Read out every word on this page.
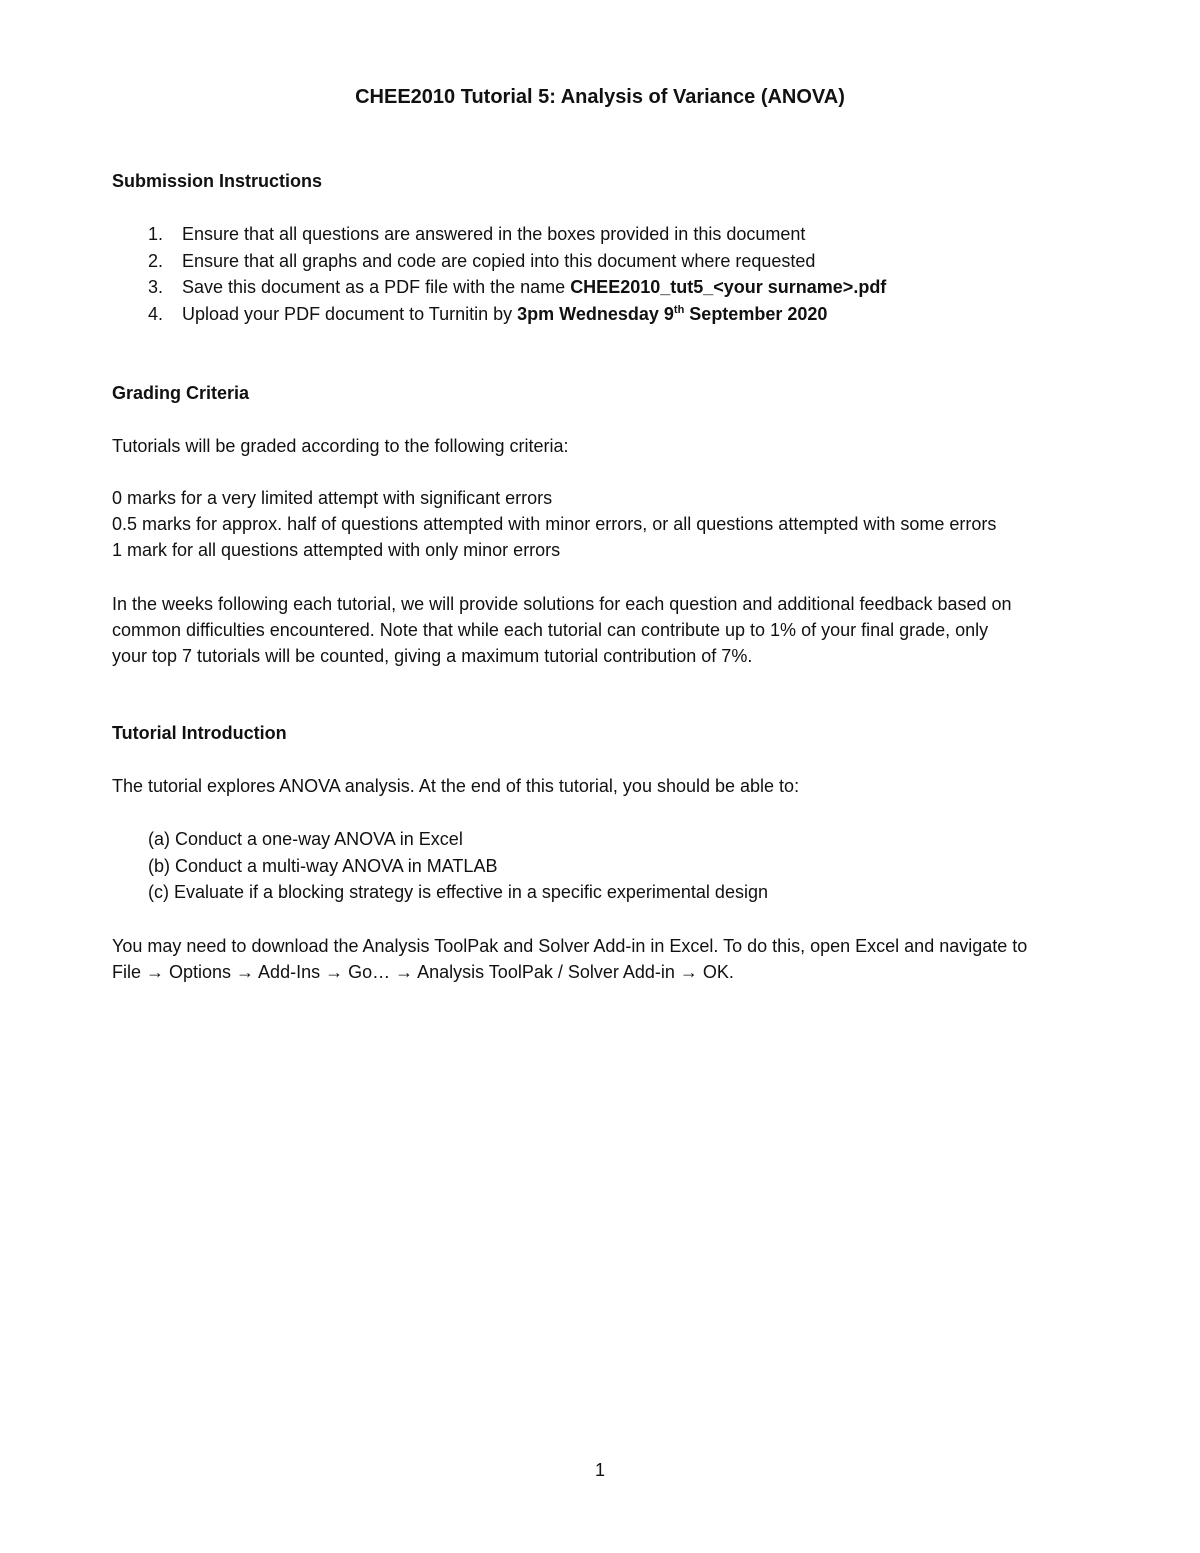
CHEE2010 Tutorial 5: Analysis of Variance (ANOVA)

Submission Instructions

1. Ensure that all questions are answered in the boxes provided in this document
2. Ensure that all graphs and code are copied into this document where requested
3. Save this document as a PDF file with the name CHEE2010_tut5_<your surname>.pdf
4. Upload your PDF document to Turnitin by 3pm Wednesday 9th September 2020

Grading Criteria

Tutorials will be graded according to the following criteria:

0 marks for a very limited attempt with significant errors

0.5 marks for approx. half of questions attempted with minor errors, or all questions attempted with some errors

1 mark for all questions attempted with only minor errors

In the weeks following each tutorial, we will provide solutions for each question and additional feedback based on

common difficulties encountered. Note that while each tutorial can contribute up to 1% of your final grade, only

your top 7 tutorials will be counted, giving a maximum tutorial contribution of 7%.

Tutorial Introduction

The tutorial explores ANOVA analysis. At the end of this tutorial, you should be able to:

(a) Conduct a one-way ANOVA in Excel
(b) Conduct a multi-way ANOVA in MATLAB
(c) Evaluate if a blocking strategy is effective in a specific experimental design

You may need to download the Analysis ToolPak and Solver Add-in in Excel. To do this, open Excel and navigate to

File → Options → Add-Ins → Go… → Analysis ToolPak / Solver Add-in → OK.

1
